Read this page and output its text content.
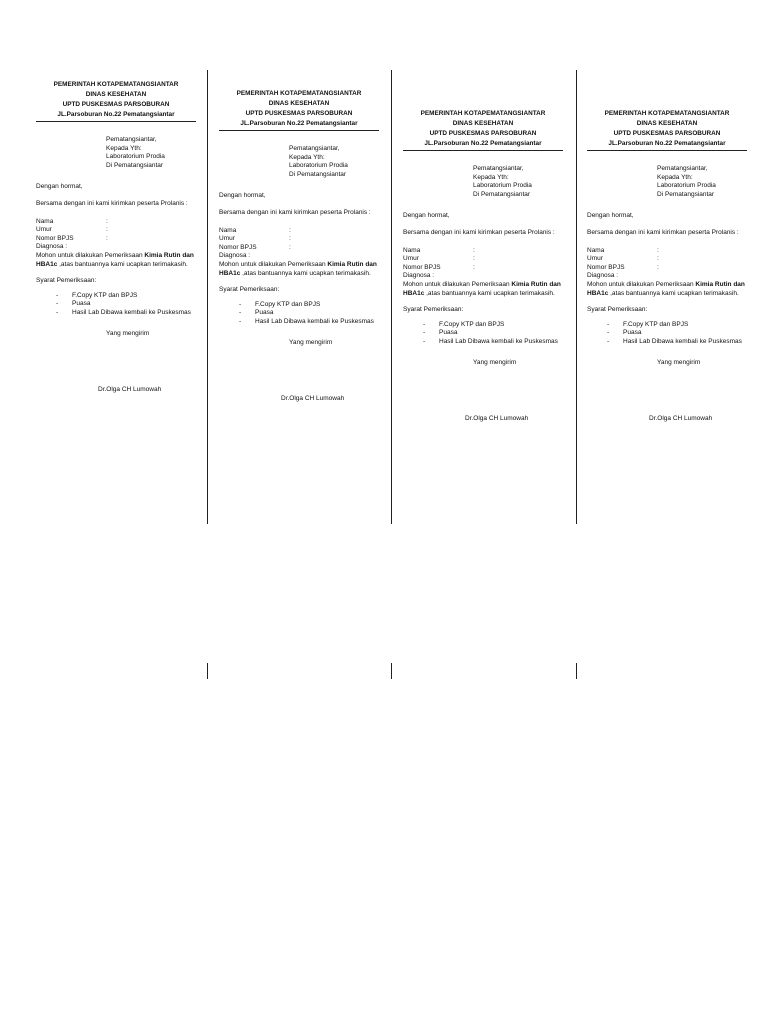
PEMERINTAH KOTAPEMATANGSIANTAR
DINAS KESEHATAN
UPTD PUSKESMAS PARSOBURAN
JL.Parsoburan No.22 Pematangsiantar
Pematangsiantar,
Kepada Yth:
Laboratorium Prodia
Di Pematangsiantar
Dengan hormat,
Bersama dengan ini kami kirimkan peserta Prolanis :
Nama	:
Umur	:
Nomor BPJS	:
Diagnosa :
Mohon untuk dilakukan Pemeriksaan Kimia Rutin dan HBA1c ,atas bantuannya kami ucapkan terimakasih.
Syarat Pemeriksaan:
- F.Copy KTP dan BPJS
- Puasa
- Hasil Lab Dibawa kembali ke Puskesmas
Yang mengirim
Dr.Olga CH Lumowah
PEMERINTAH KOTAPEMATANGSIANTAR
DINAS KESEHATAN
UPTD PUSKESMAS PARSOBURAN
JL.Parsoburan No.22 Pematangsiantar
Pematangsiantar,
Kepada Yth:
Laboratorium Prodia
Di Pematangsiantar
Dengan hormat,
Bersama dengan ini kami kirimkan peserta Prolanis :
Nama	:
Umur	:
Nomor BPJS	:
Diagnosa :
Mohon untuk dilakukan Pemeriksaan Kimia Rutin dan HBA1c ,atas bantuannya kami ucapkan terimakasih.
Syarat Pemeriksaan:
- F.Copy KTP dan BPJS
- Puasa
- Hasil Lab Dibawa kembali ke Puskesmas
Yang mengirim
Dr.Olga CH Lumowah
PEMERINTAH KOTAPEMATANGSIANTAR
DINAS KESEHATAN
UPTD PUSKESMAS PARSOBURAN
JL.Parsoburan No.22 Pematangsiantar
Pematangsiantar,
Kepada Yth:
Laboratorium Prodia
Di Pematangsiantar
Dengan hormat,
Bersama dengan ini kami kirimkan peserta Prolanis :
Nama	:
Umur	:
Nomor BPJS	:
Diagnosa :
Mohon untuk dilakukan Pemeriksaan Kimia Rutin dan HBA1c ,atas bantuannya kami ucapkan terimakasih.
Syarat Pemeriksaan:
- F.Copy KTP dan BPJS
- Puasa
- Hasil Lab Dibawa kembali ke Puskesmas
Yang mengirim
Dr.Olga CH Lumowah
PEMERINTAH KOTAPEMATANGSIANTAR
DINAS KESEHATAN
UPTD PUSKESMAS PARSOBURAN
JL.Parsoburan No.22 Pematangsiantar
Pematangsiantar,
Kepada Yth:
Laboratorium Prodia
Di Pematangsiantar
Dengan hormat,
Bersama dengan ini kami kirimkan peserta Prolanis :
Nama	:
Umur	:
Nomor BPJS	:
Diagnosa :
Mohon untuk dilakukan Pemeriksaan Kimia Rutin dan HBA1c ,atas bantuannya kami ucapkan terimakasih.
Syarat Pemeriksaan:
- F.Copy KTP dan BPJS
- Puasa
- Hasil Lab Dibawa kembali ke Puskesmas
Yang mengirim
Dr.Olga CH Lumowah
